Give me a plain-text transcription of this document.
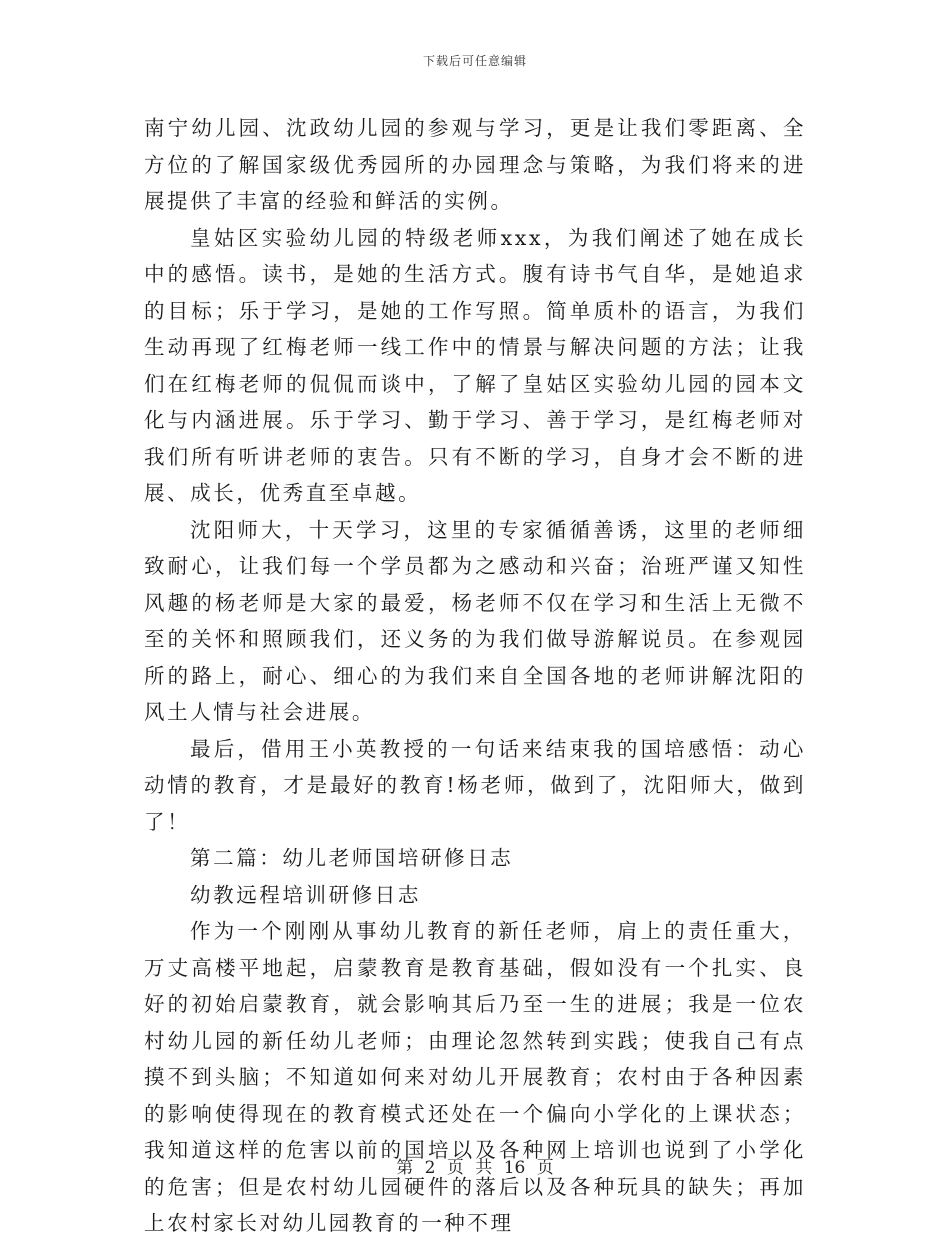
下载后可任意编辑

南宁幼儿园、沈政幼儿园的参观与学习，更是让我们零距离、全方位的了解国家级优秀园所的办园理念与策略，为我们将来的进展提供了丰富的经验和鲜活的实例。

皇姑区实验幼儿园的特级老师xxx，为我们阐述了她在成长中的感悟。读书，是她的生活方式。腹有诗书气自华，是她追求的目标；乐于学习，是她的工作写照。简单质朴的语言，为我们生动再现了红梅老师一线工作中的情景与解决问题的方法；让我们在红梅老师的侃侃而谈中，了解了皇姑区实验幼儿园的园本文化与内涵进展。乐于学习、勤于学习、善于学习，是红梅老师对我们所有听讲老师的衷告。只有不断的学习，自身才会不断的进展、成长，优秀直至卓越。

沈阳师大，十天学习，这里的专家循循善诱，这里的老师细致耐心，让我们每一个学员都为之感动和兴奋；治班严谨又知性风趣的杨老师是大家的最爱，杨老师不仅在学习和生活上无微不至的关怀和照顾我们，还义务的为我们做导游解说员。在参观园所的路上，耐心、细心的为我们来自全国各地的老师讲解沈阳的风土人情与社会进展。

最后，借用王小英教授的一句话来结束我的国培感悟：动心动情的教育，才是最好的教育!杨老师，做到了，沈阳师大，做到了！

第二篇：幼儿老师国培研修日志

幼教远程培训研修日志

作为一个刚刚从事幼儿教育的新任老师，肩上的责任重大，万丈高楼平地起，启蒙教育是教育基础，假如没有一个扎实、良好的初始启蒙教育，就会影响其后乃至一生的进展；我是一位农村幼儿园的新任幼儿老师；由理论忽然转到实践；使我自己有点摸不到头脑；不知道如何来对幼儿开展教育；农村由于各种因素的影响使得现在的教育模式还处在一个偏向小学化的上课状态；我知道这样的危害以前的国培以及各种网上培训也说到了小学化的危害；但是农村幼儿园硬件的落后以及各种玩具的缺失；再加上农村家长对幼儿园教育的一种不理

第 2 页 共 16 页
